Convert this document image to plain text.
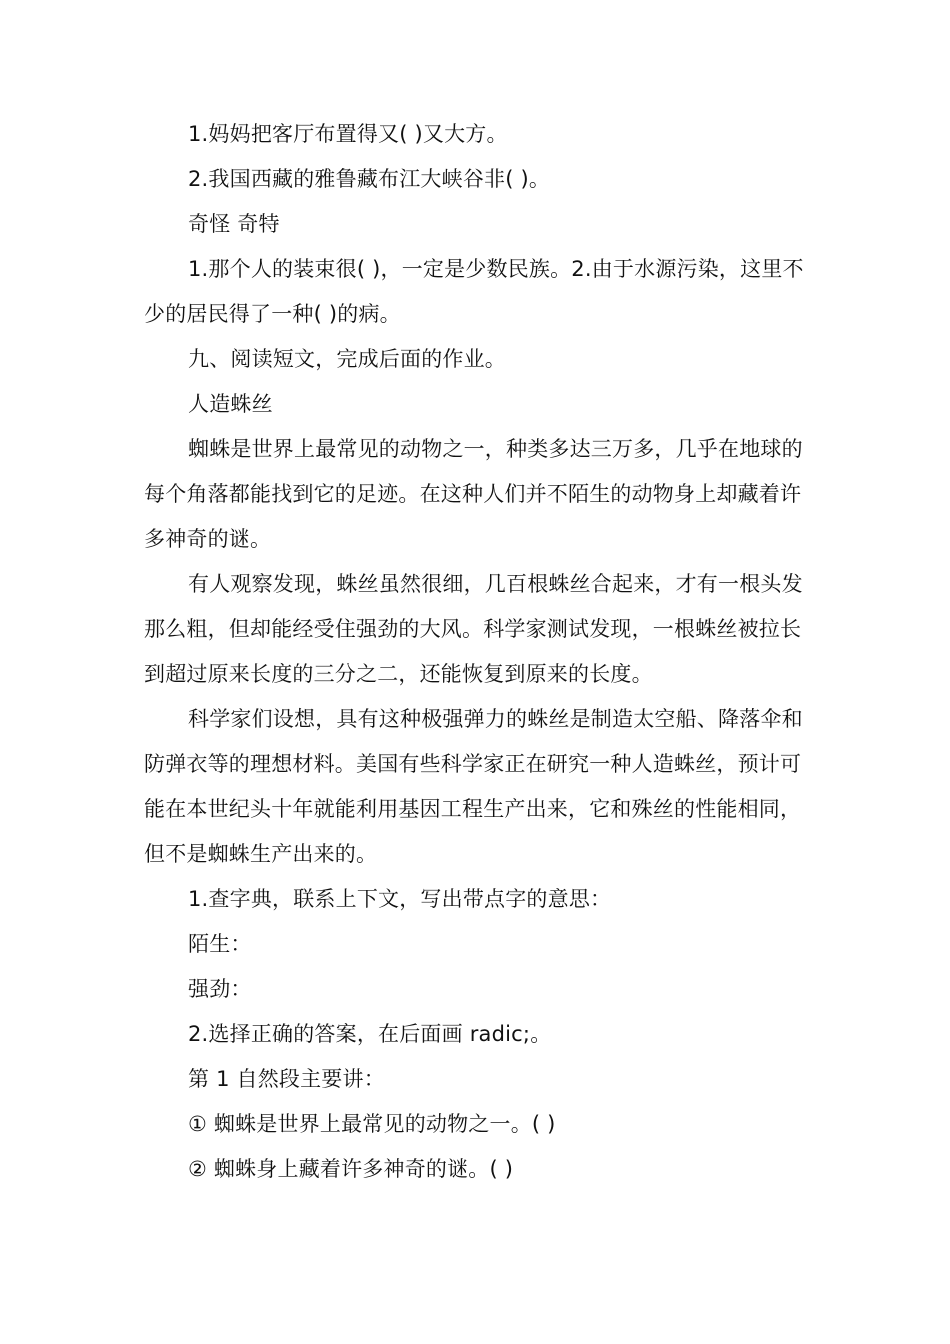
1.妈妈把客厅布置得又( )又大方。

2.我国西藏的雅鲁藏布江大峡谷非( )。

奇怪 奇特

1.那个人的装束很( )，一定是少数民族。2.由于水源污染，这里不少的居民得了一种( )的病。

九、阅读短文，完成后面的作业。

人造蛛丝

蜘蛛是世界上最常见的动物之一，种类多达三万多，几乎在地球的每个角落都能找到它的足迹。在这种人们并不陌生的动物身上却藏着许多神奇的谜。

有人观察发现，蛛丝虽然很细，几百根蛛丝合起来，才有一根头发那么粗，但却能经受住强劲的大风。科学家测试发现，一根蛛丝被拉长到超过原来长度的三分之二，还能恢复到原来的长度。

科学家们设想，具有这种极强弹力的蛛丝是制造太空船、降落伞和防弹衣等的理想材料。美国有些科学家正在研究一种人造蛛丝，预计可能在本世纪头十年就能利用基因工程生产出来，它和殊丝的性能相同，但不是蜘蛛生产出来的。

1.查字典，联系上下文，写出带点字的意思：

陌生：

强劲：

2.选择正确的答案，在后面画 radic;。

第 1 自然段主要讲：

① 蜘蛛是世界上最常见的动物之一。( )

② 蜘蛛身上藏着许多神奇的谜。( )
